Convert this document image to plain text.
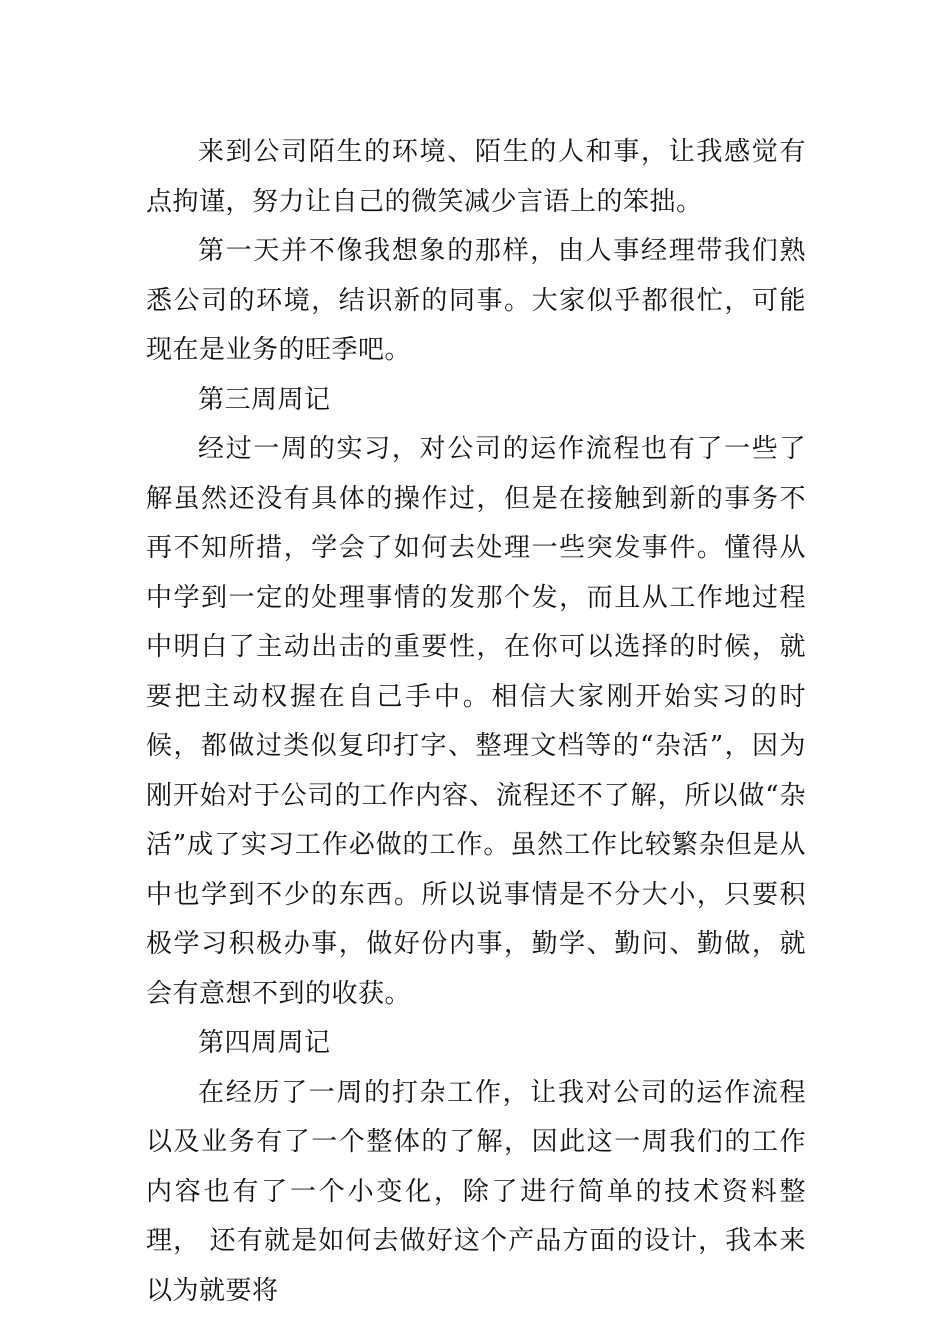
来到公司陌生的环境、陌生的人和事，让我感觉有点拘谨，努力让自己的微笑减少言语上的笨拙。

第一天并不像我想象的那样，由人事经理带我们熟悉公司的环境，结识新的同事。大家似乎都很忙，可能现在是业务的旺季吧。

第三周周记

经过一周的实习，对公司的运作流程也有了一些了解虽然还没有具体的操作过，但是在接触到新的事务不再不知所措，学会了如何去处理一些突发事件。懂得从中学到一定的处理事情的发那个发，而且从工作地过程中明白了主动出击的重要性，在你可以选择的时候，就要把主动权握在自己手中。相信大家刚开始实习的时候，都做过类似复印打字、整理文档等的“杂活”，因为刚开始对于公司的工作内容、流程还不了解，所以做“杂活”成了实习工作必做的工作。虽然工作比较繁杂但是从中也学到不少的东西。所以说事情是不分大小，只要积极学习积极办事，做好份内事，勤学、勤问、勤做，就会有意想不到的收获。

第四周周记

在经历了一周的打杂工作，让我对公司的运作流程以及业务有了一个整体的了解，因此这一周我们的工作内容也有了一个小变化，除了进行简单的技术资料整理， 还有就是如何去做好这个产品方面的设计，我本来以为就要将
